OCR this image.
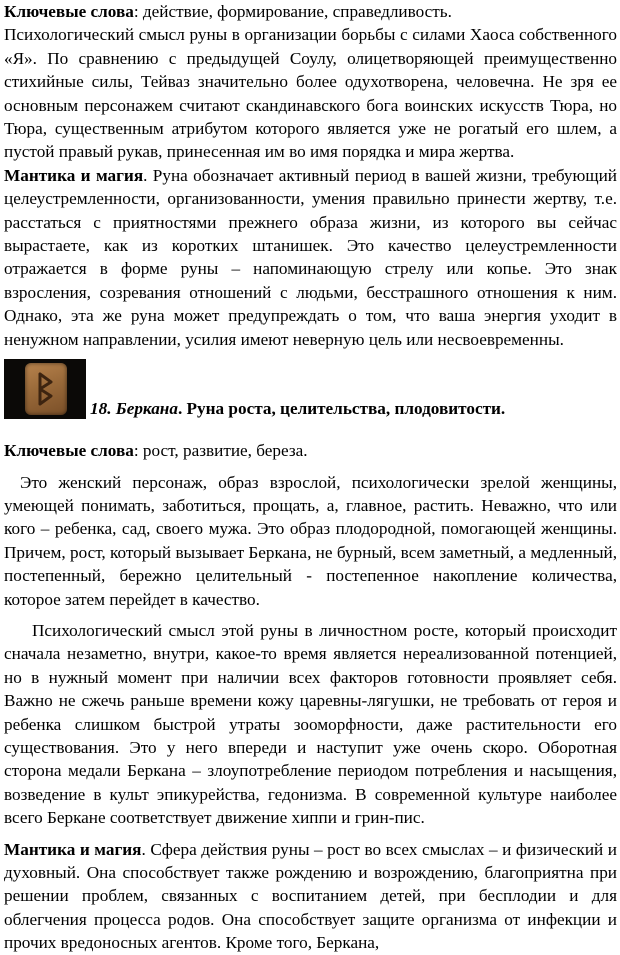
Ключевые слова: действие, формирование, справедливость.

Психологический смысл руны в организации борьбы с силами Хаоса собственного «Я». По сравнению с предыдущей Соулу, олицетворяющей преимущественно стихийные силы, Тейваз значительно более одухотворена, человечна. Не зря ее основным персонажем считают скандинавского бога воинских искусств Тюра, но Тюра, существенным атрибутом которого является уже не рогатый его шлем, а пустой правый рукав, принесенная им во имя порядка и мира жертва.

Мантика и магия. Руна обозначает активный период в вашей жизни, требующий целеустремленности, организованности, умения правильно принести жертву, т.е. расстаться с приятностями прежнего образа жизни, из которого вы сейчас вырастаете, как из коротких штанишек. Это качество целеустремленности отражается в форме руны – напоминающую стрелу или копье. Это знак взросления, созревания отношений с людьми, бесстрашного отношения к ним. Однако, эта же руна может предупреждать о том, что ваша энергия уходит в ненужном направлении, усилия имеют неверную цель или несвоевременны.

18. Беркана. Руна роста, целительства, плодовитости.

Ключевые слова: рост, развитие, береза.

Это женский персонаж, образ взрослой, психологически зрелой женщины, умеющей понимать, заботиться, прощать, а, главное, растить. Неважно, что или кого – ребенка, сад, своего мужа. Это образ плодородной, помогающей женщины. Причем, рост, который вызывает Беркана, не бурный, всем заметный, а медленный, постепенный, бережно целительный - постепенное накопление количества, которое затем перейдет в качество.

Психологический смысл этой руны в личностном росте, который происходит сначала незаметно, внутри, какое-то время является нереализованной потенцией, но в нужный момент при наличии всех факторов готовности проявляет себя. Важно не сжечь раньше времени кожу царевны-лягушки, не требовать от героя и ребенка слишком быстрой утраты зооморфности, даже растительности его существования. Это у него впереди и наступит уже очень скоро. Оборотная сторона медали Беркана – злоупотребление периодом потребления и насыщения, возведение в культ эпикурейства, гедонизма. В современной культуре наиболее всего Беркане соответствует движение хиппи и грин-пис.

Мантика и магия. Сфера действия руны – рост во всех смыслах – и физический и духовный. Она способствует также рождению и возрождению, благоприятна при решении проблем, связанных с воспитанием детей, при бесплодии и для облегчения процесса родов. Она способствует защите организма от инфекции и прочих вредоносных агентов. Кроме того, Беркана,
